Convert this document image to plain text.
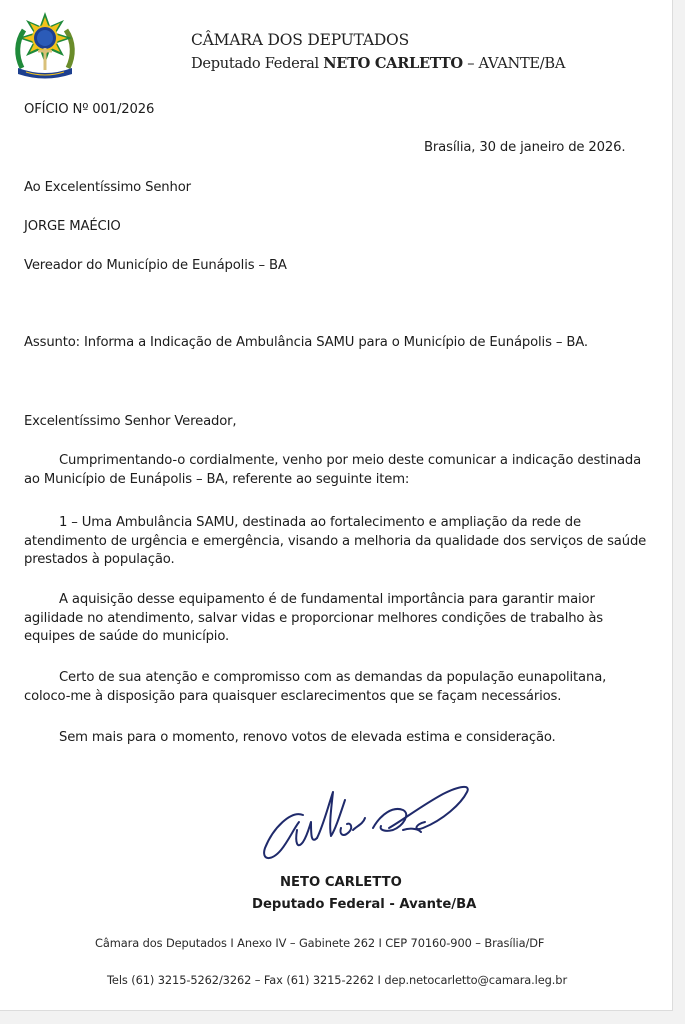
CÂMARA DOS DEPUTADOS
Deputado Federal NETO CARLETTO – AVANTE/BA
OFÍCIO Nº 001/2026
Brasília, 30 de janeiro de 2026.
Ao Excelentíssimo Senhor
JORGE MAÉCIO
Vereador do Município de Eunápolis – BA
Assunto: Informa a Indicação de Ambulância SAMU para o Município de Eunápolis – BA.
Excelentíssimo Senhor Vereador,
Cumprimentando-o cordialmente, venho por meio deste comunicar a indicação destinada ao Município de Eunápolis – BA, referente ao seguinte item:
1 – Uma Ambulância SAMU, destinada ao fortalecimento e ampliação da rede de atendimento de urgência e emergência, visando a melhoria da qualidade dos serviços de saúde prestados à população.
A aquisição desse equipamento é de fundamental importância para garantir maior agilidade no atendimento, salvar vidas e proporcionar melhores condições de trabalho às equipes de saúde do município.
Certo de sua atenção e compromisso com as demandas da população eunapolitana, coloco-me à disposição para quaisquer esclarecimentos que se façam necessários.
Sem mais para o momento, renovo votos de elevada estima e consideração.
NETO CARLETTO
Deputado Federal - Avante/BA
Câmara dos Deputados I Anexo IV – Gabinete 262 I CEP 70160-900 – Brasília/DF
Tels (61) 3215-5262/3262 – Fax (61) 3215-2262 I dep.netocarletto@camara.leg.br
